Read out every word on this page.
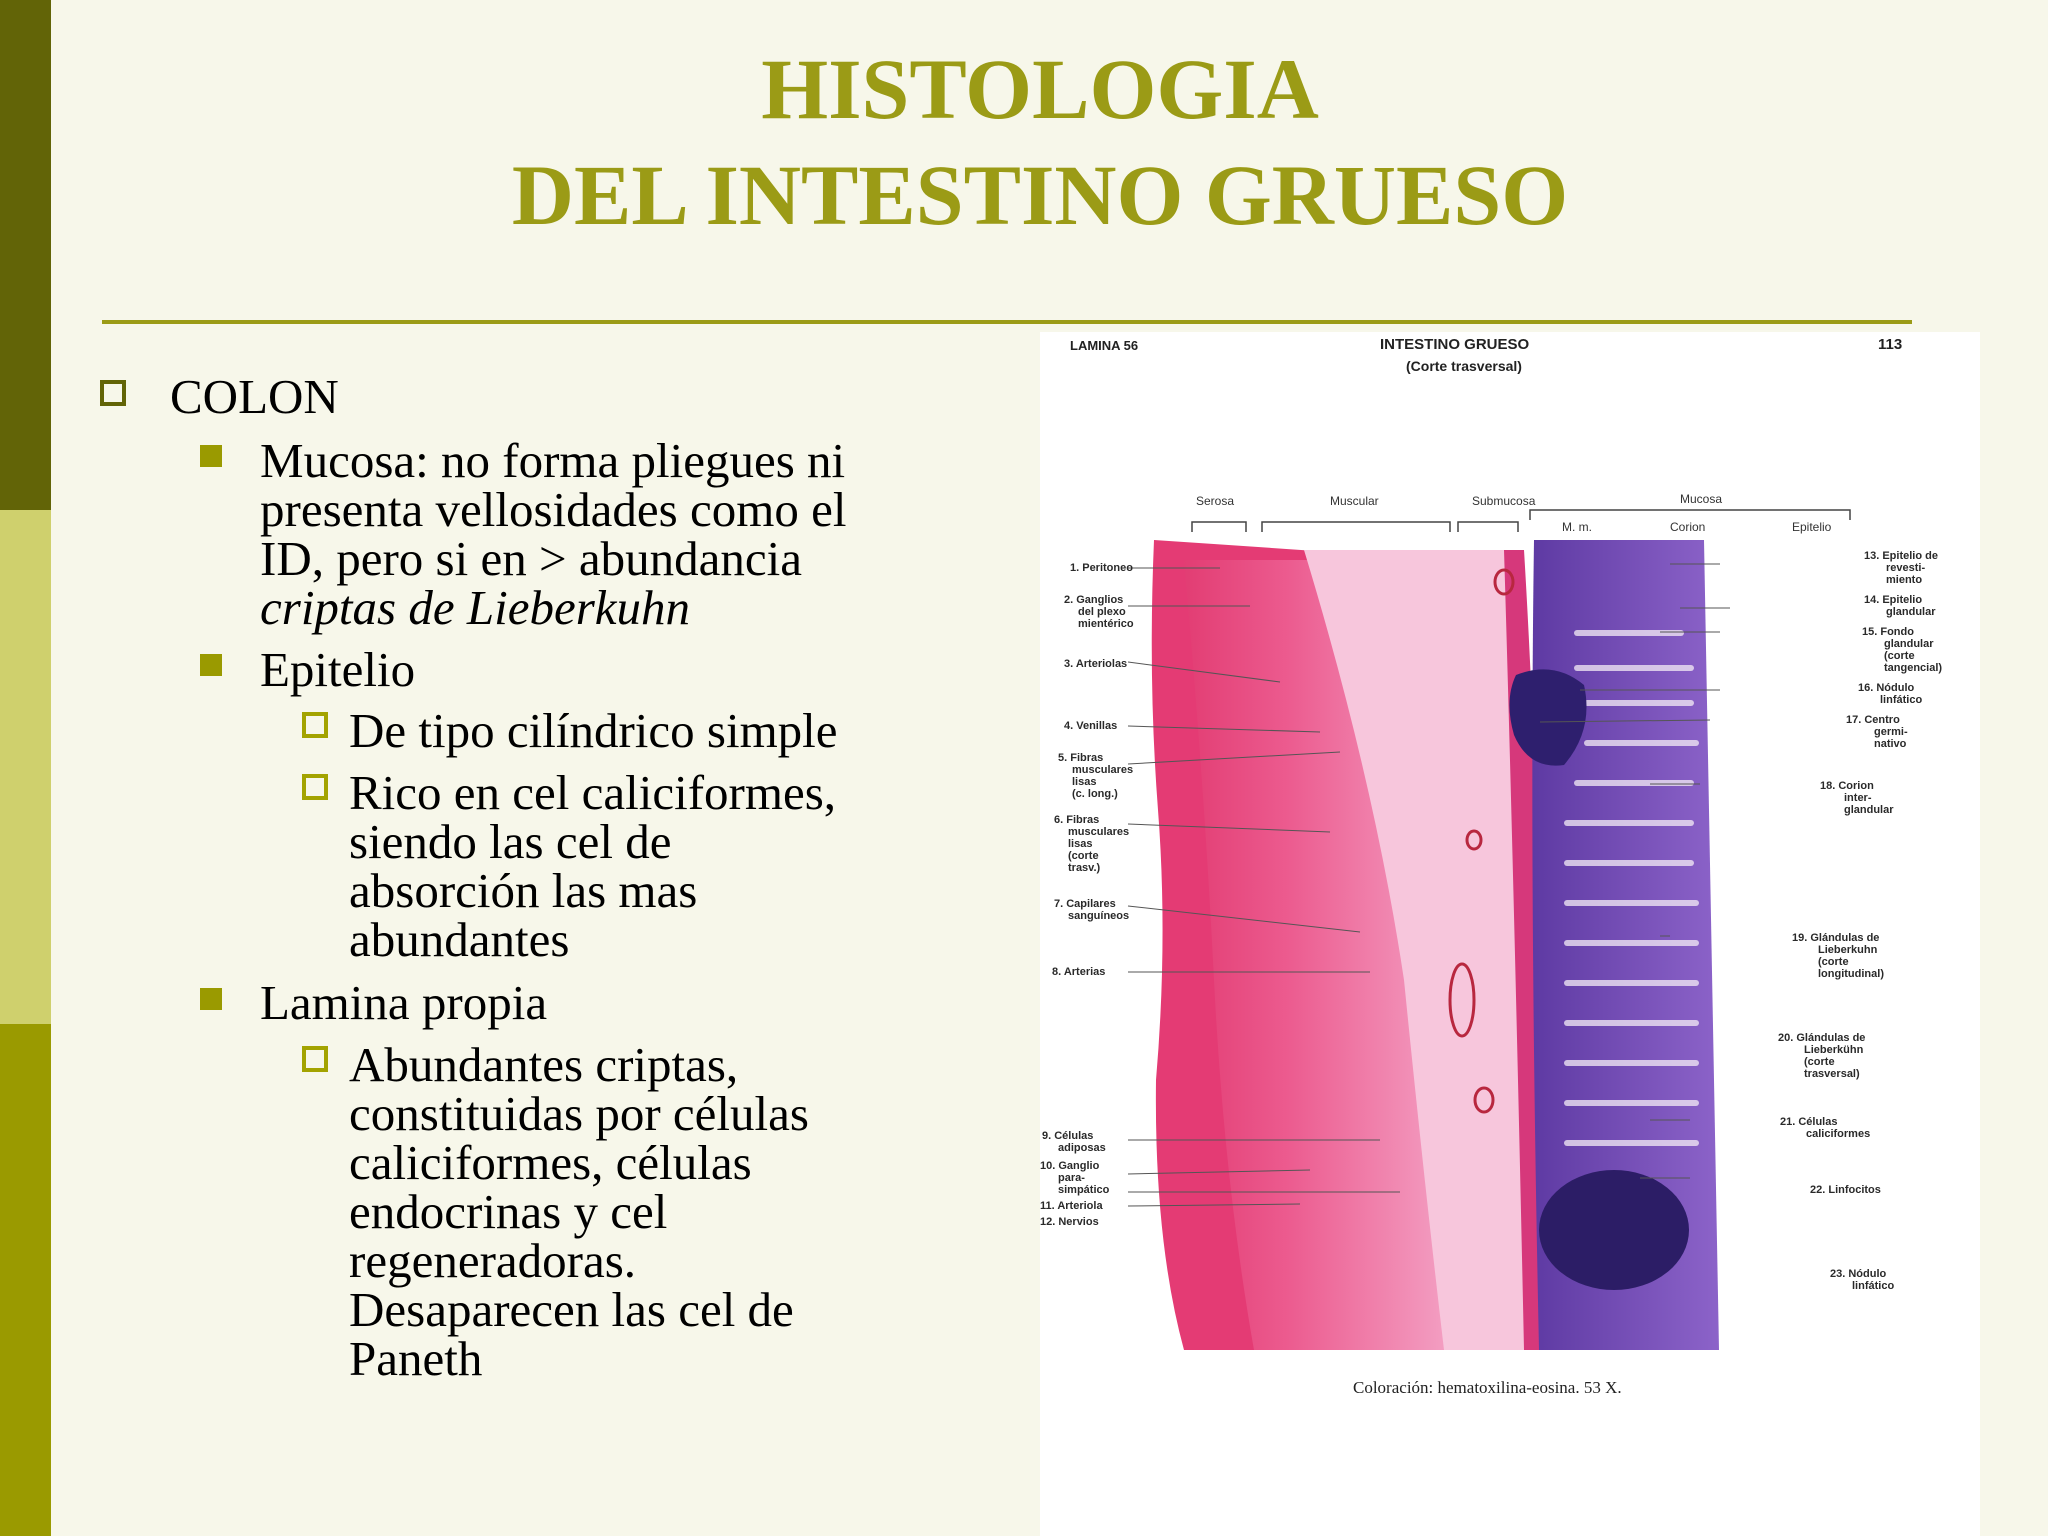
HISTOLOGIA
DEL INTESTINO GRUESO

COLON

Mucosa: no forma pliegues ni
presenta vellosidades como el
ID, pero si en > abundancia
criptas de Lieberkuhn

Epitelio

De tipo cilíndrico simple

Rico en cel caliciformes,
siendo las cel de
absorción las mas
abundantes

Lamina propia

Abundantes criptas,
constituidas por células
caliciformes, células
endocrinas y cel
regeneradoras.
Desaparecen las cel de
Paneth

LAMINA 56	INTESTINO GRUESO
(Corte trasversal)
113
Serosa	Muscular	Submucosa	Mucosa
M. m.	Corion	Epitelio
1. Peritoneo
2. Ganglios
del plexo
mientérico
3. Arteriolas
4. Venillas
5. Fibras
musculares
lisas
(c. long.)
6. Fibras
musculares
lisas
(corte
trasv.)
7. Capilares
sanguíneos
8. Arterias
9. Células
adiposas
10. Ganglio
para-
simpático
11. Arteriola
12. Nervios
13. Epitelio de
revesti-
miento
14. Epitelio
glandular
15. Fondo
glandular
(corte
tangencial)
16. Nódulo
linfático
17. Centro
germi-
nativo
18. Corion
inter-
glandular
19. Glándulas de
Lieberkuhn
(corte
longitudinal)
20. Glándulas de
Lieberkühn
(corte
trasversal)
21. Células
caliciformes
22. Linfocitos
23. Nódulo
linfático
Coloración: hematoxilina-eosina. 53 X.
